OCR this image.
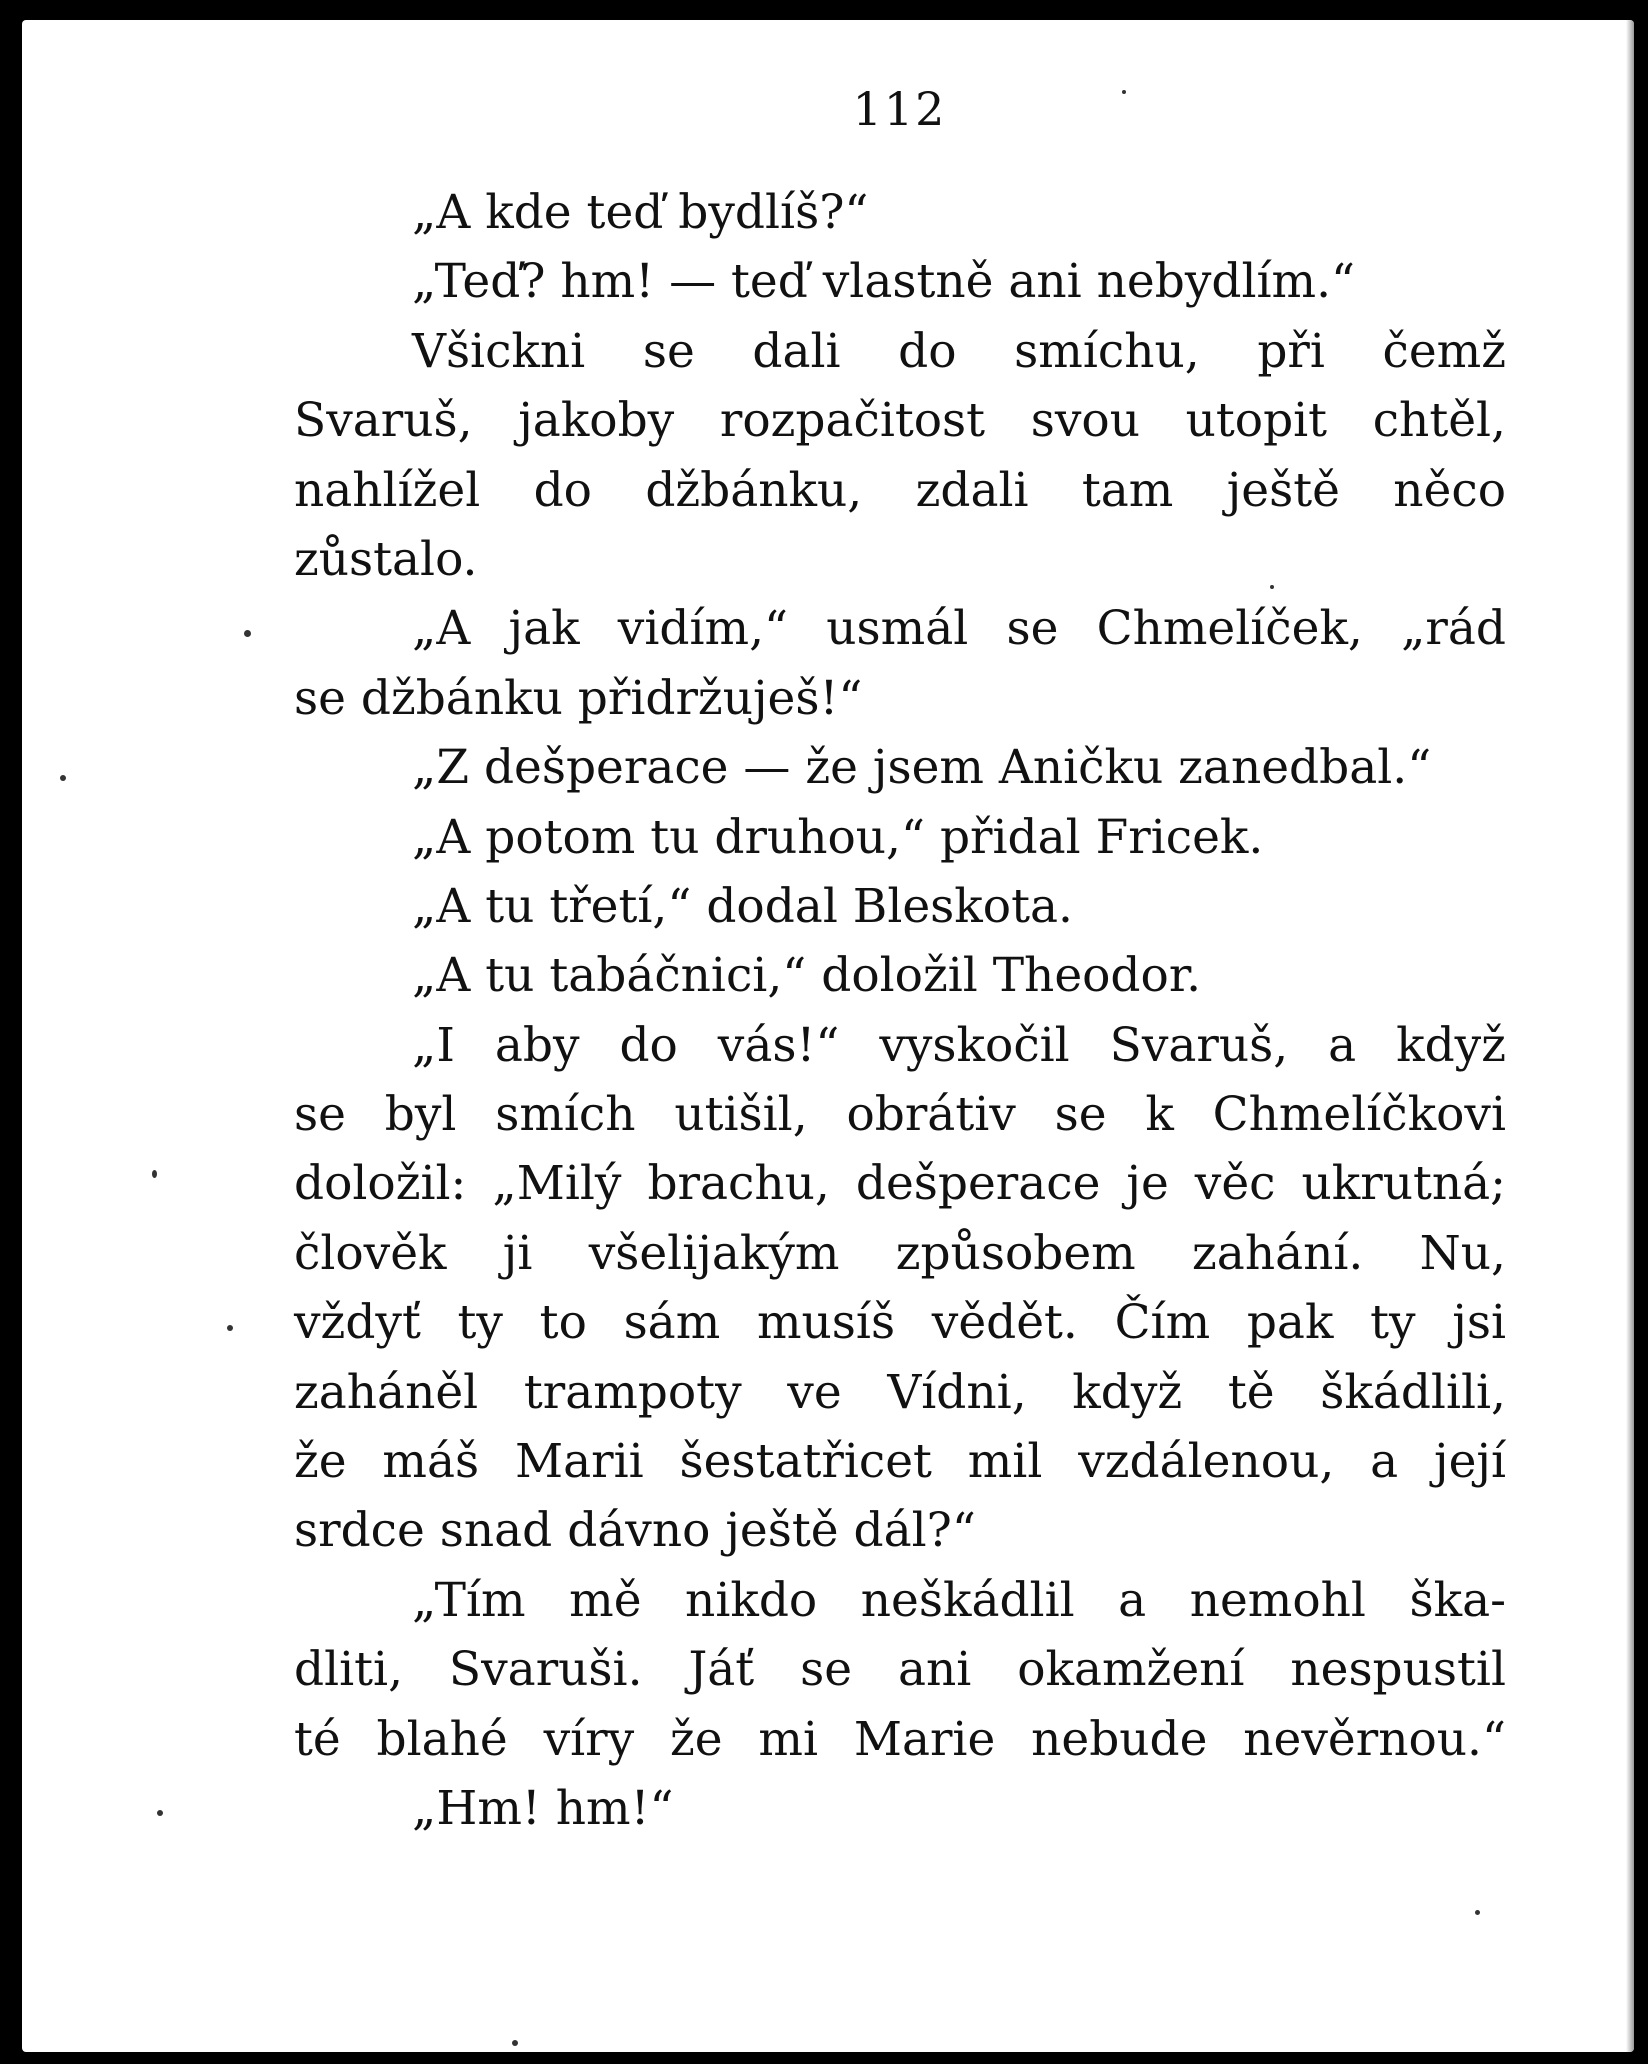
112
„A kde teď bydlíš?“
„Teď? hm! — teď vlastně ani nebydlím.“
Všickni se dali do smíchu, při čemž
Svaruš, jakoby rozpačitost svou utopit chtěl,
nahlížel do džbánku, zdali tam ještě něco
zůstalo.
„A jak vidím,“ usmál se Chmelíček, „rád
se džbánku přidržuješ!“
„Z dešperace — že jsem Aničku zanedbal.“
„A potom tu druhou,“ přidal Fricek.
„A tu třetí,“ dodal Bleskota.
„A tu tabáčnici,“ doložil Theodor.
„I aby do vás!“ vyskočil Svaruš, a když
se byl smích utišil, obrátiv se k Chmelíčkovi
doložil: „Milý brachu, dešperace je věc ukrutná;
člověk ji všelijakým způsobem zahání. Nu,
vždyť ty to sám musíš vědět. Čím pak ty jsi
zaháněl trampoty ve Vídni, když tě škádlili,
že máš Marii šestatřicet mil vzdálenou, a její
srdce snad dávno ještě dál?“
„Tím mě nikdo neškádlil a nemohl ška-
dliti, Svaruši. Jáť se ani okamžení nespustil
té blahé víry že mi Marie nebude nevěrnou.“
„Hm! hm!“
